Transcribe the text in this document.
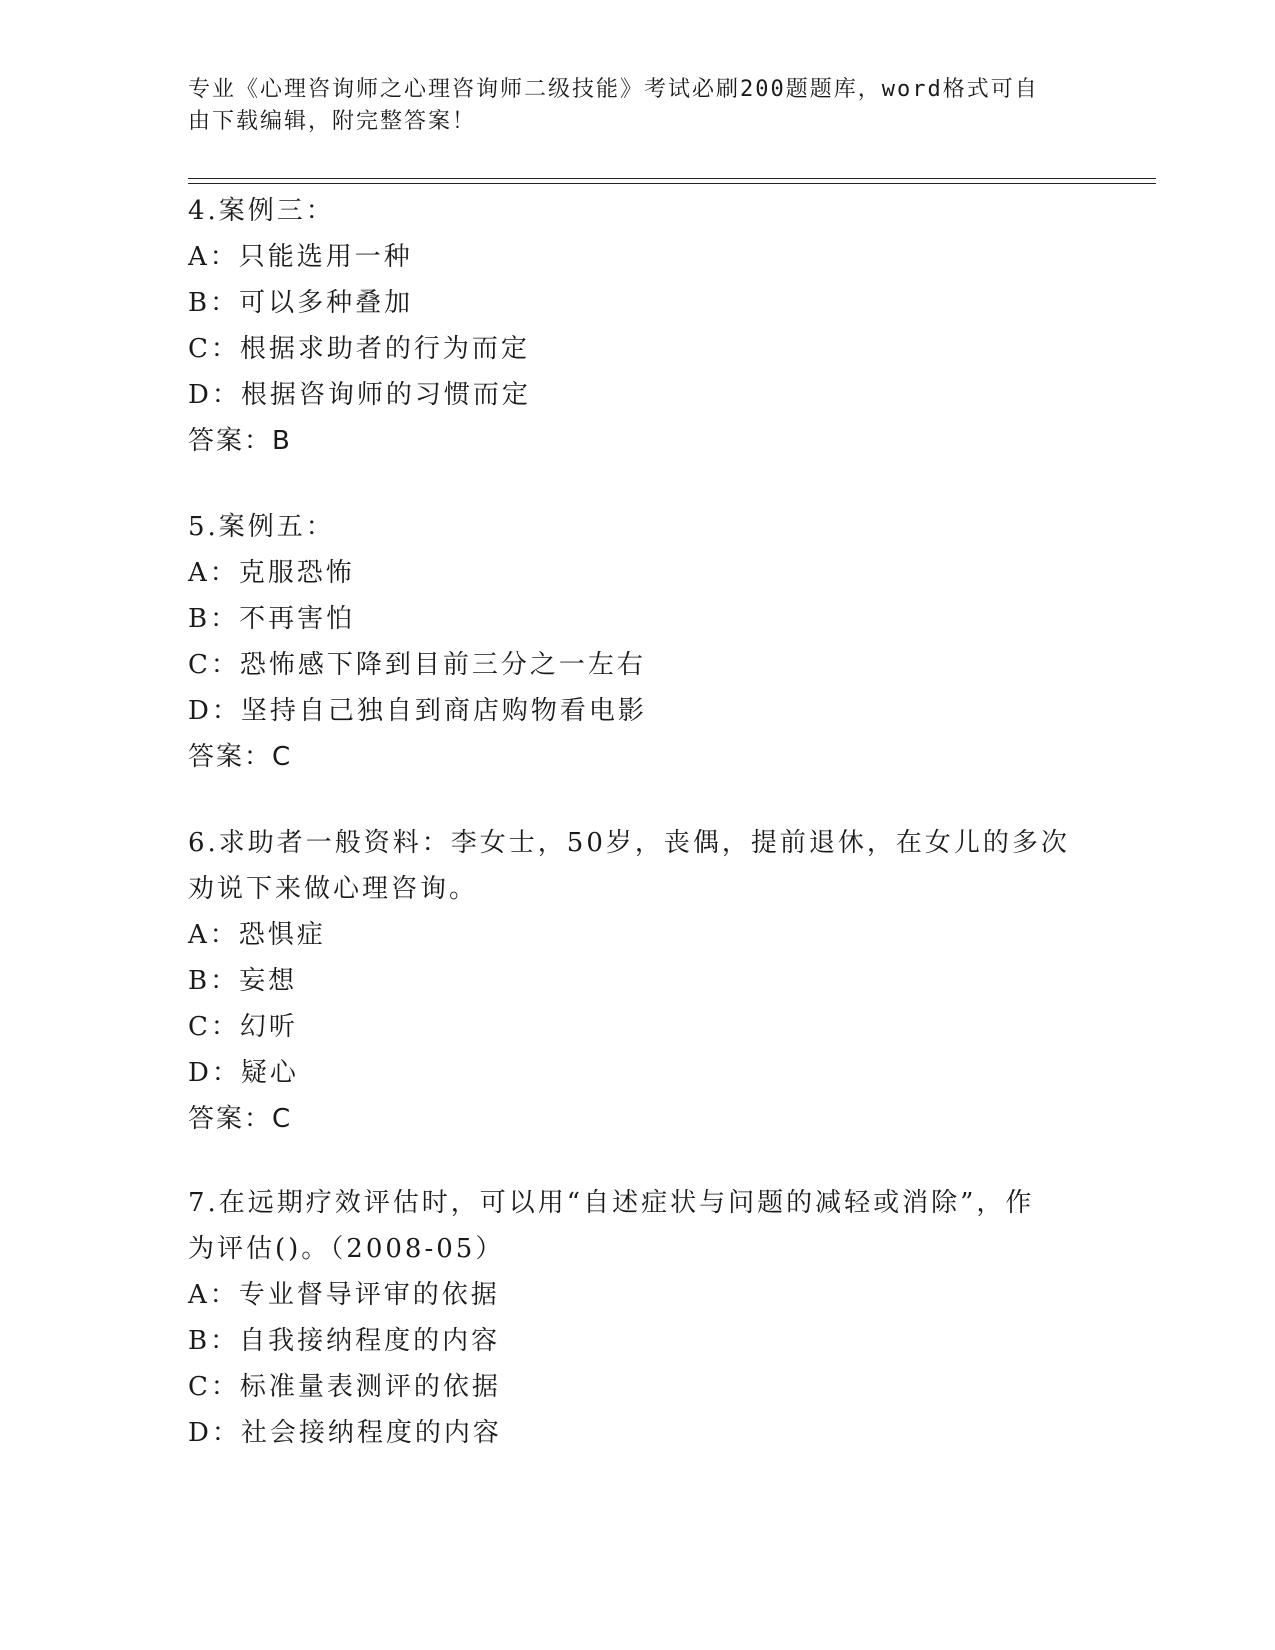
专业《心理咨询师之心理咨询师二级技能》考试必刷200题题库，word格式可自
由下载编辑，附完整答案！
4.案例三：
A：只能选用一种
B：可以多种叠加
C：根据求助者的行为而定
D：根据咨询师的习惯而定
答案：B
5.案例五：
A：克服恐怖
B：不再害怕
C：恐怖感下降到目前三分之一左右
D：坚持自己独自到商店购物看电影
答案：C
6.求助者一般资料：李女士，50岁，丧偶，提前退休，在女儿的多次
劝说下来做心理咨询。
A：恐惧症
B：妄想
C：幻听
D：疑心
答案：C
7.在远期疗效评估时，可以用“自述症状与问题的减轻或消除”，作
为评估()。（2008-05）
A：专业督导评审的依据
B：自我接纳程度的内容
C：标准量表测评的依据
D：社会接纳程度的内容
